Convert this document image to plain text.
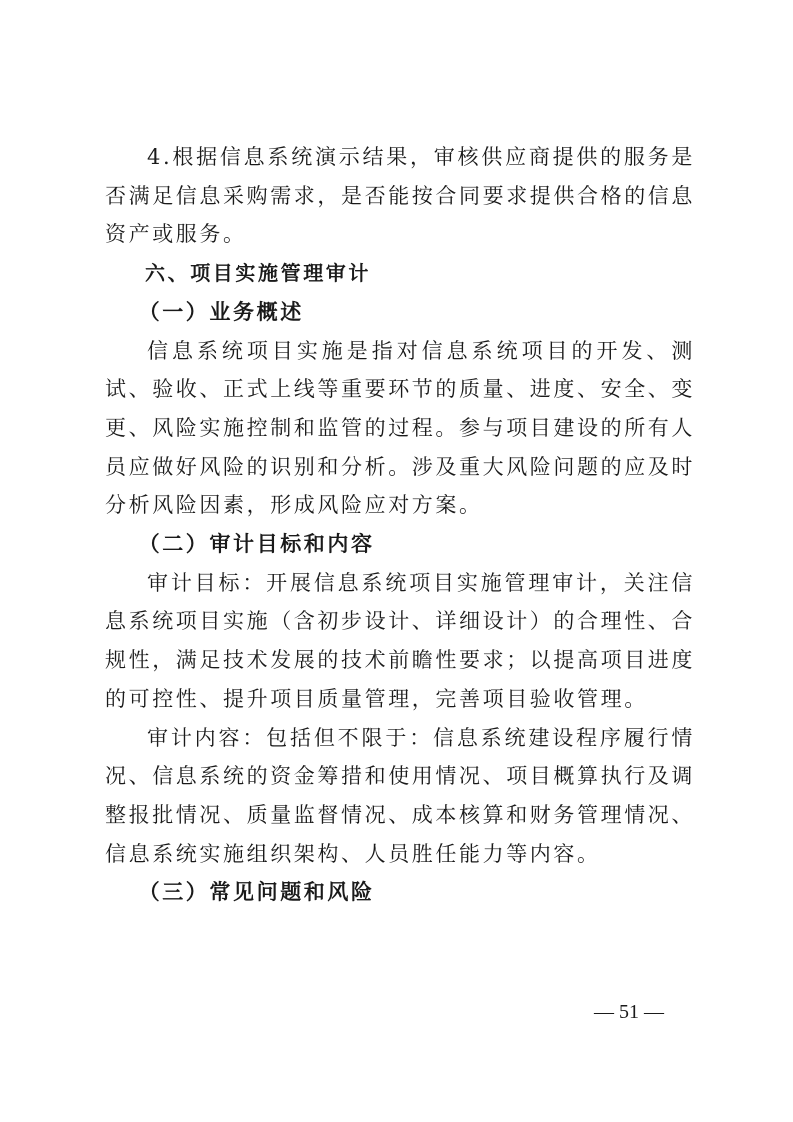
4.根据信息系统演示结果，审核供应商提供的服务是否满足信息采购需求，是否能按合同要求提供合格的信息资产或服务。

六、项目实施管理审计

（一）业务概述

信息系统项目实施是指对信息系统项目的开发、测试、验收、正式上线等重要环节的质量、进度、安全、变更、风险实施控制和监管的过程。参与项目建设的所有人员应做好风险的识别和分析。涉及重大风险问题的应及时分析风险因素，形成风险应对方案。

（二）审计目标和内容

审计目标：开展信息系统项目实施管理审计，关注信息系统项目实施（含初步设计、详细设计）的合理性、合规性，满足技术发展的技术前瞻性要求；以提高项目进度的可控性、提升项目质量管理，完善项目验收管理。

审计内容：包括但不限于：信息系统建设程序履行情况、信息系统的资金筹措和使用情况、项目概算执行及调整报批情况、质量监督情况、成本核算和财务管理情况、信息系统实施组织架构、人员胜任能力等内容。

（三）常见问题和风险

— 51 —
